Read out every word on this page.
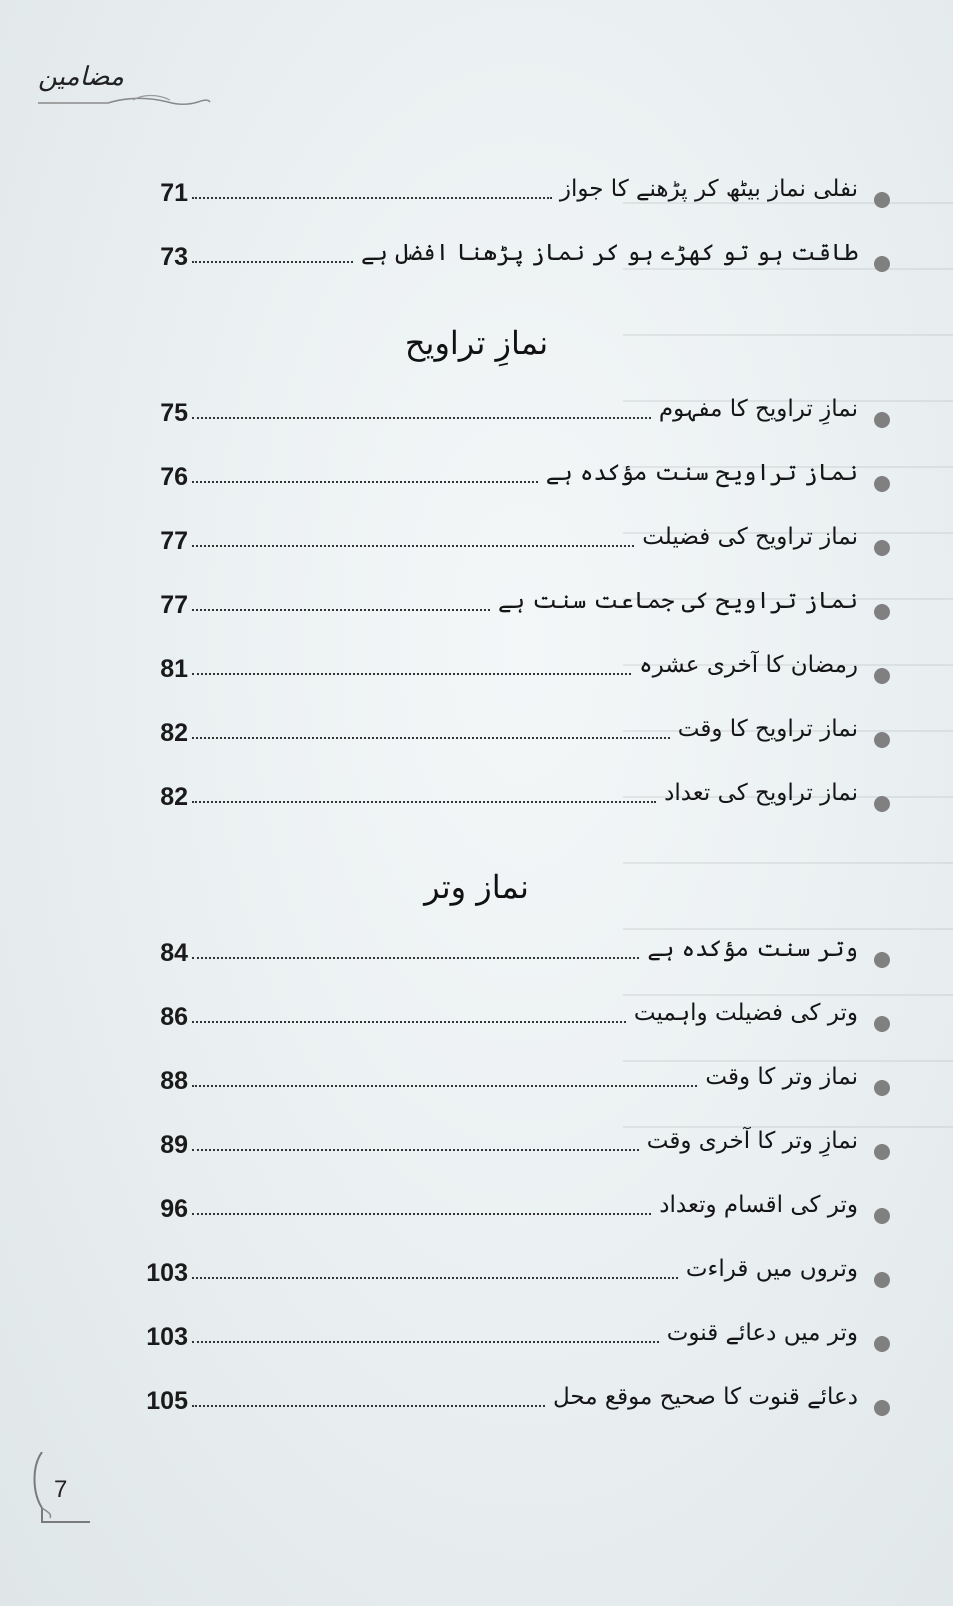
مضامین
71	نفلی نماز بیٹھ کر پڑھنے کا جواز
73	طاقت ہو تو کھڑے ہو کر نماز پڑھنا افضل ہے
نمازِ تراویح
75	نمازِ تراویح کا مفہوم
76	نماز تراویح سنت مؤکدہ ہے
77	نماز تراویح کی فضیلت
77	نماز تراویح کی جماعت سنت ہے
81	رمضان کا آخری عشرہ
82	نماز تراویح کا وقت
82	نماز تراویح کی تعداد
نماز وتر
84	وتر سنت مؤکدہ ہے
86	وتر کی فضیلت واہمیت
88	نماز وتر کا وقت
89	نمازِ وتر کا آخری وقت
96	وتر کی اقسام وتعداد
103	وتروں میں قراءت
103	وتر میں دعائے قنوت
105	دعائے قنوت کا صحیح موقع محل
7
